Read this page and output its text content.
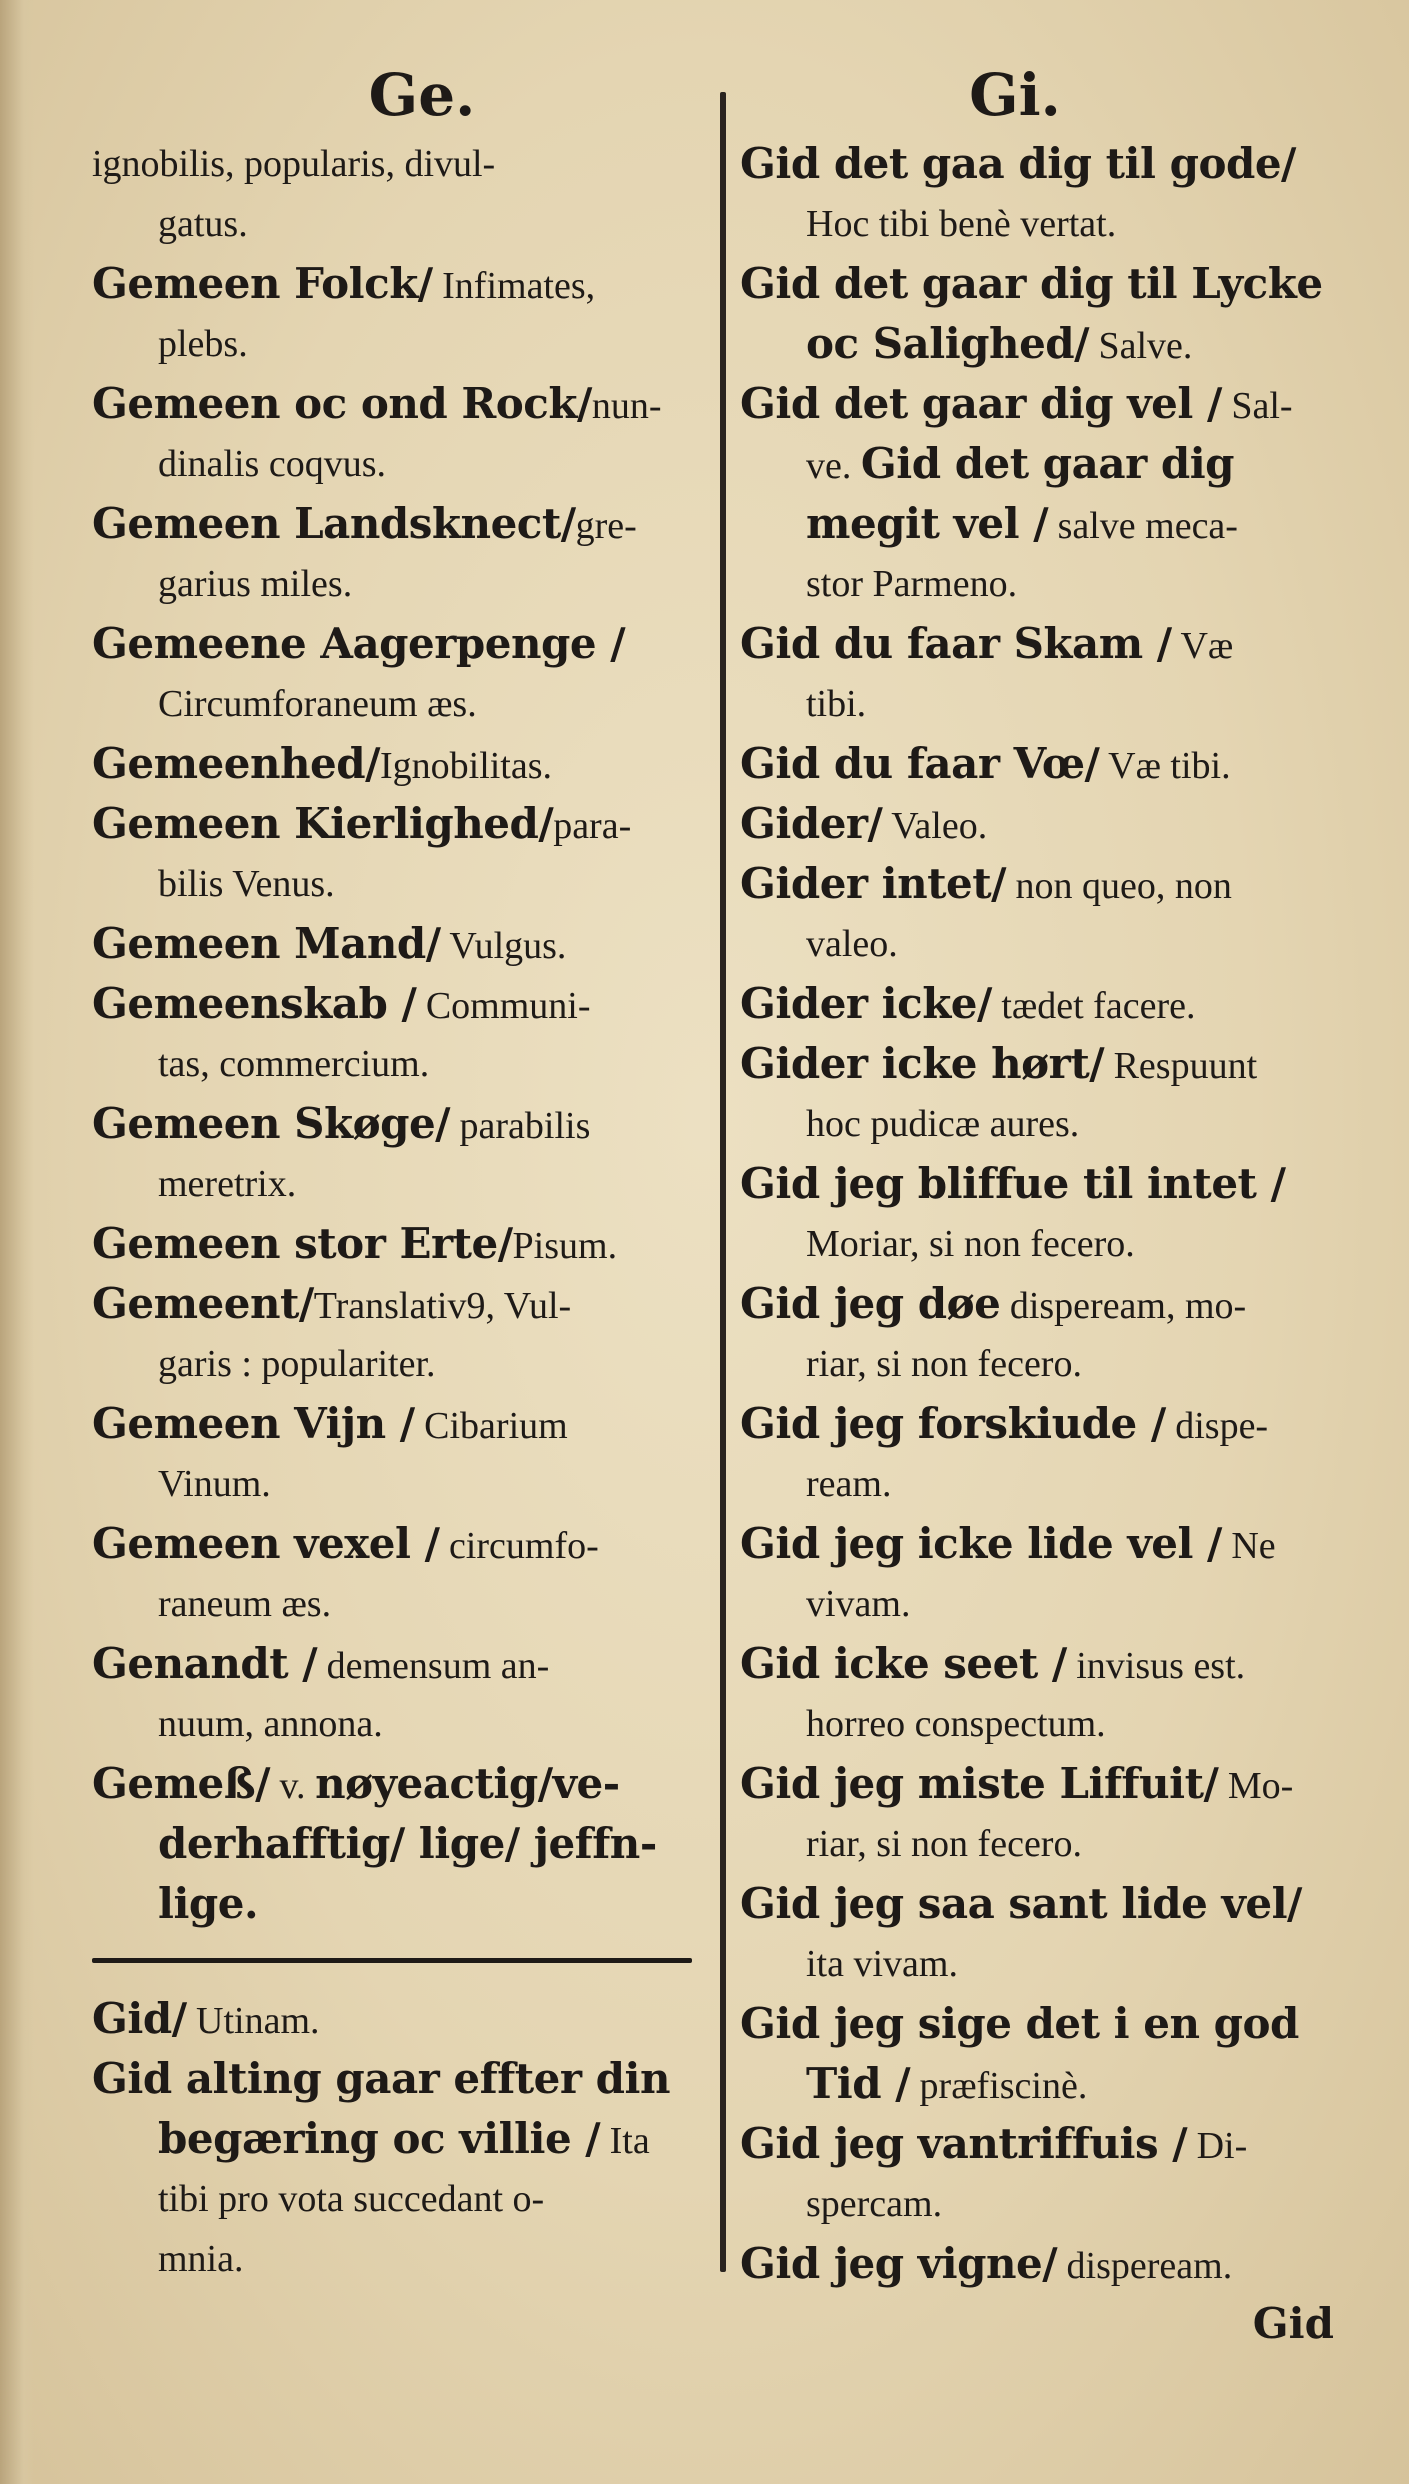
Ge.
ignobilis, popularis, divul-
gatus.
Gemeen Folck/ Infimates,
plebs.
Gemeen oc ond Rock/nun-
dinalis coqvus.
Gemeen Landsknect/gre-
garius miles.
Gemeene Aagerpenge /
Circumforaneum æs.
Gemeenhed/Ignobilitas.
Gemeen Kierlighed/para-
bilis Venus.
Gemeen Mand/ Vulgus.
Gemeenskab / Communi-
tas, commercium.
Gemeen Skøge/ parabilis
meretrix.
Gemeen stor Erte/Pisum.
Gemeent/Translativ9, Vul-
garis : populariter.
Gemeen Vijn / Cibarium
Vinum.
Gemeen vexel / circumfo-
raneum æs.
Genandt / demensum an-
nuum, annona.
Gemeß/ v. nøyeactig/ve-
derhafftig/ lige/ jeffn-
lige.
Gid/ Utinam.
Gid alting gaar effter din
begæring oc villie / Ita
tibi pro vota succedant o-
mnia.
Gi.
Gid det gaa dig til gode/
Hoc tibi benè vertat.
Gid det gaar dig til Lycke
oc Salighed/ Salve.
Gid det gaar dig vel / Sal-
ve. Gid det gaar dig
megit vel / salve meca-
stor Parmeno.
Gid du faar Skam / Væ
tibi.
Gid du faar Vœ/ Væ tibi.
Gider/ Valeo.
Gider intet/ non queo, non
valeo.
Gider icke/ tædet facere.
Gider icke hørt/ Respuunt
hoc pudicæ aures.
Gid jeg bliffue til intet /
Moriar, si non fecero.
Gid jeg døe dispeream, mo-
riar, si non fecero.
Gid jeg forskiude / dispe-
ream.
Gid jeg icke lide vel / Ne
vivam.
Gid icke seet / invisus est.
horreo conspectum.
Gid jeg miste Liffuit/ Mo-
riar, si non fecero.
Gid jeg saa sant lide vel/
ita vivam.
Gid jeg sige det i en god
Tid / præfiscinè.
Gid jeg vantriffuis / Di-
spercam.
Gid jeg vigne/ dispeream.
Gid
